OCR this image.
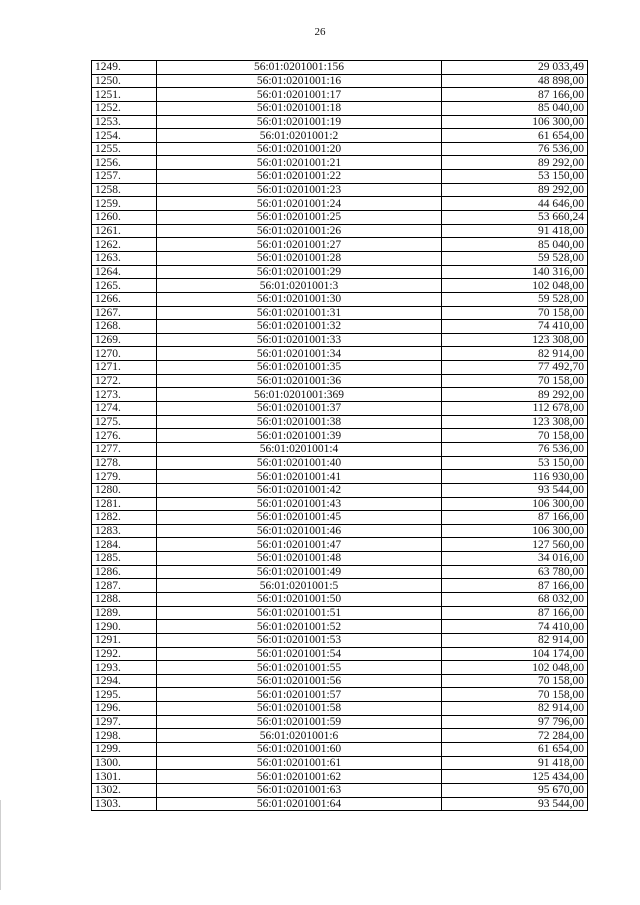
26
1249.	56:01:0201001:156	29 033,49
1250.	56:01:0201001:16	48 898,00
1251.	56:01:0201001:17	87 166,00
1252.	56:01:0201001:18	85 040,00
1253.	56:01:0201001:19	106 300,00
1254.	56:01:0201001:2	61 654,00
1255.	56:01:0201001:20	76 536,00
1256.	56:01:0201001:21	89 292,00
1257.	56:01:0201001:22	53 150,00
1258.	56:01:0201001:23	89 292,00
1259.	56:01:0201001:24	44 646,00
1260.	56:01:0201001:25	53 660,24
1261.	56:01:0201001:26	91 418,00
1262.	56:01:0201001:27	85 040,00
1263.	56:01:0201001:28	59 528,00
1264.	56:01:0201001:29	140 316,00
1265.	56:01:0201001:3	102 048,00
1266.	56:01:0201001:30	59 528,00
1267.	56:01:0201001:31	70 158,00
1268.	56:01:0201001:32	74 410,00
1269.	56:01:0201001:33	123 308,00
1270.	56:01:0201001:34	82 914,00
1271.	56:01:0201001:35	77 492,70
1272.	56:01:0201001:36	70 158,00
1273.	56:01:0201001:369	89 292,00
1274.	56:01:0201001:37	112 678,00
1275.	56:01:0201001:38	123 308,00
1276.	56:01:0201001:39	70 158,00
1277.	56:01:0201001:4	76 536,00
1278.	56:01:0201001:40	53 150,00
1279.	56:01:0201001:41	116 930,00
1280.	56:01:0201001:42	93 544,00
1281.	56:01:0201001:43	106 300,00
1282.	56:01:0201001:45	87 166,00
1283.	56:01:0201001:46	106 300,00
1284.	56:01:0201001:47	127 560,00
1285.	56:01:0201001:48	34 016,00
1286.	56:01:0201001:49	63 780,00
1287.	56:01:0201001:5	87 166,00
1288.	56:01:0201001:50	68 032,00
1289.	56:01:0201001:51	87 166,00
1290.	56:01:0201001:52	74 410,00
1291.	56:01:0201001:53	82 914,00
1292.	56:01:0201001:54	104 174,00
1293.	56:01:0201001:55	102 048,00
1294.	56:01:0201001:56	70 158,00
1295.	56:01:0201001:57	70 158,00
1296.	56:01:0201001:58	82 914,00
1297.	56:01:0201001:59	97 796,00
1298.	56:01:0201001:6	72 284,00
1299.	56:01:0201001:60	61 654,00
1300.	56:01:0201001:61	91 418,00
1301.	56:01:0201001:62	125 434,00
1302.	56:01:0201001:63	95 670,00
1303.	56:01:0201001:64	93 544,00
